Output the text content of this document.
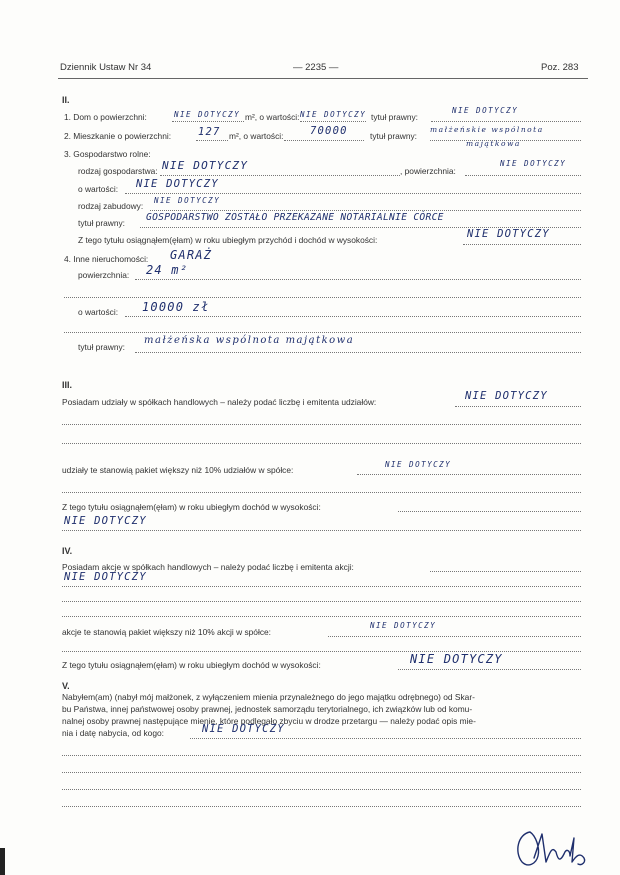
Dziennik Ustaw Nr 34	— 2235 —	Poz. 283
II.
1. Dom o powierzchni:	NIE DOTYCZY m², o wartości: NIE DOTYCZY tytuł prawny:
NIE DOTYCZY
2. Mieszkanie o powierzchni:	127 m², o wartości:	70000	tytuł prawny:
małżeńskie wspólnota
majątkowa
3. Gospodarstwo rolne:
rodzaj gospodarstwa: NIE DOTYCZY	, powierzchnia:
NIE DOTYCZY
o wartości: NIE DOTYCZY
rodzaj zabudowy:
NIE DOTYCZY
tytuł prawny: GOSPODARSTWO ZOSTAŁO PRZEKAZANE NOTARIALNIE CÓRCE
Z tego tytułu osiągnąłem(ęłam) w roku ubiegłym przychód i dochód w wysokości:	NIE DOTYCZY
4. Inne nieruchomości: GARAŻ
powierzchnia: 24 m²
o wartości: 10000 zł
tytuł prawny:
małżeńska wspólnota majątkowa
III.
Posiadam udziały w spółkach handlowych – należy podać liczbę i emitenta udziałów:	NIE DOTYCZY
udziały te stanowią pakiet większy niż 10% udziałów w spółce:
NIE DOTYCZY
Z tego tytułu osiągnąłem(ęłam) w roku ubiegłym dochód w wysokości:
NIE DOTYCZY
IV.
Posiadam akcje w spółkach handlowych – należy podać liczbę i emitenta akcji:
NIE DOTYCZY
akcje te stanowią pakiet większy niż 10% akcji w spółce:
NIE DOTYCZY
Z tego tytułu osiągnąłem(ęłam) w roku ubiegłym dochód w wysokości:	NIE DOTYCZY
V.
Nabyłem(am) (nabył mój małżonek, z wyłączeniem mienia przynależnego do jego majątku odrębnego) od Skar-
bu Państwa, innej państwowej osoby prawnej, jednostek samorządu terytorialnego, ich związków lub od komu-
nalnej osoby prawnej następujące mienie, które podlegało zbyciu w drodze przetargu — należy podać opis mie-
nia i datę nabycia, od kogo:	NIE DOTYCZY
